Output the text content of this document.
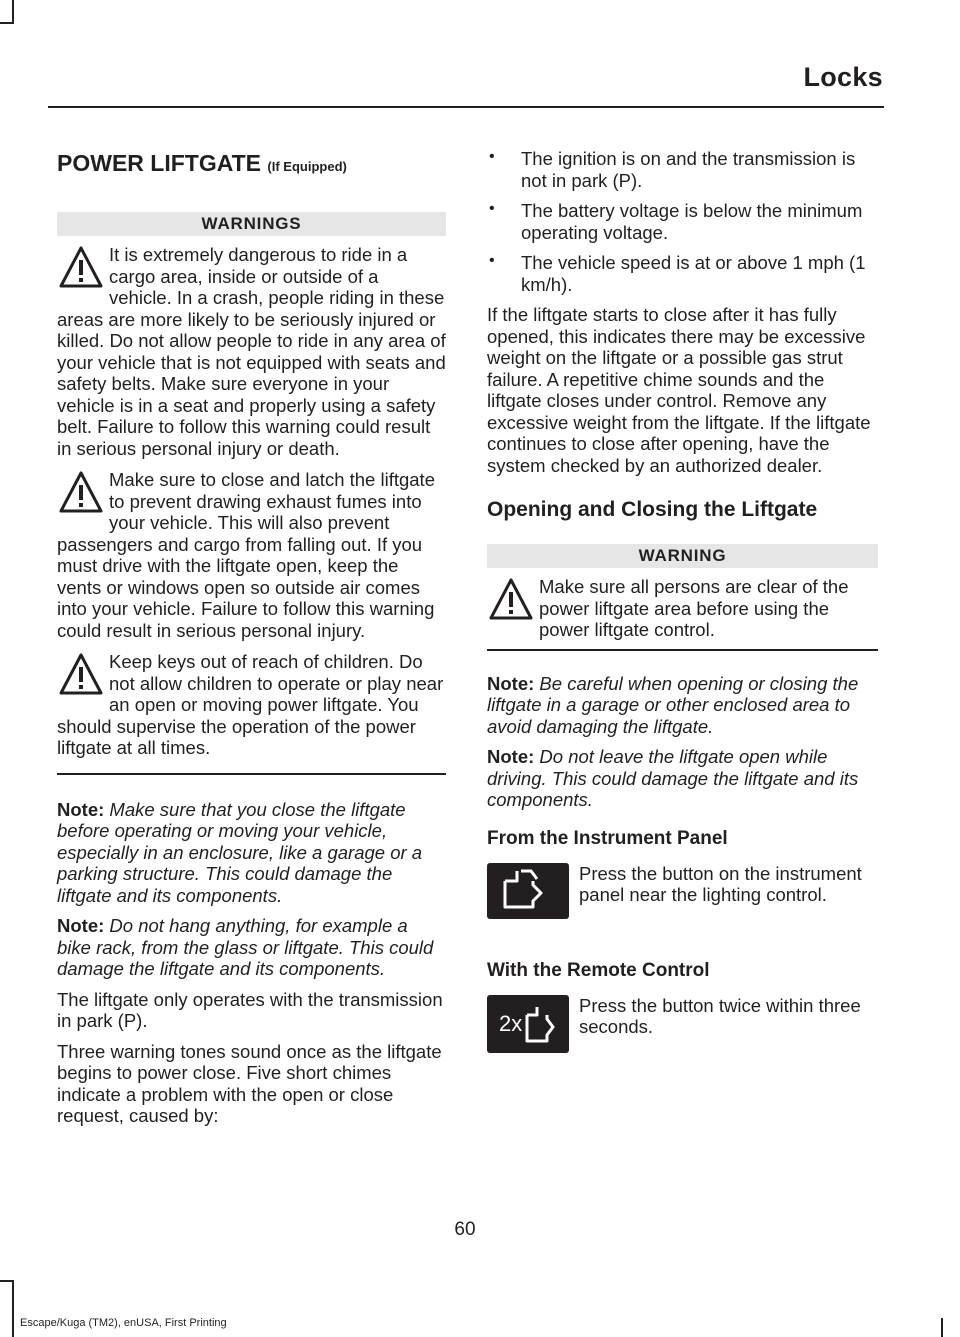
Locks
POWER LIFTGATE (If Equipped)
WARNINGS

It is extremely dangerous to ride in a cargo area, inside or outside of a vehicle. In a crash, people riding in these areas are more likely to be seriously injured or killed. Do not allow people to ride in any area of your vehicle that is not equipped with seats and safety belts. Make sure everyone in your vehicle is in a seat and properly using a safety belt. Failure to follow this warning could result in serious personal injury or death.

Make sure to close and latch the liftgate to prevent drawing exhaust fumes into your vehicle. This will also prevent passengers and cargo from falling out. If you must drive with the liftgate open, keep the vents or windows open so outside air comes into your vehicle. Failure to follow this warning could result in serious personal injury.

Keep keys out of reach of children. Do not allow children to operate or play near an open or moving power liftgate. You should supervise the operation of the power liftgate at all times.

Note: Make sure that you close the liftgate before operating or moving your vehicle, especially in an enclosure, like a garage or a parking structure. This could damage the liftgate and its components.

Note: Do not hang anything, for example a bike rack, from the glass or liftgate. This could damage the liftgate and its components.

The liftgate only operates with the transmission in park (P).

Three warning tones sound once as the liftgate begins to power close. Five short chimes indicate a problem with the open or close request, caused by:

• The ignition is on and the transmission is not in park (P).

• The battery voltage is below the minimum operating voltage.

• The vehicle speed is at or above 1 mph (1 km/h).

If the liftgate starts to close after it has fully opened, this indicates there may be excessive weight on the liftgate or a possible gas strut failure. A repetitive chime sounds and the liftgate closes under control. Remove any excessive weight from the liftgate. If the liftgate continues to close after opening, have the system checked by an authorized dealer.

Opening and Closing the Liftgate
WARNING

Make sure all persons are clear of the power liftgate area before using the power liftgate control.

Note: Be careful when opening or closing the liftgate in a garage or other enclosed area to avoid damaging the liftgate.

Note: Do not leave the liftgate open while driving. This could damage the liftgate and its components.

From the Instrument Panel

Press the button on the instrument panel near the lighting control.

With the Remote Control
2x

Press the button twice within three seconds.

60
Escape/Kuga (TM2), enUSA, First Printing
